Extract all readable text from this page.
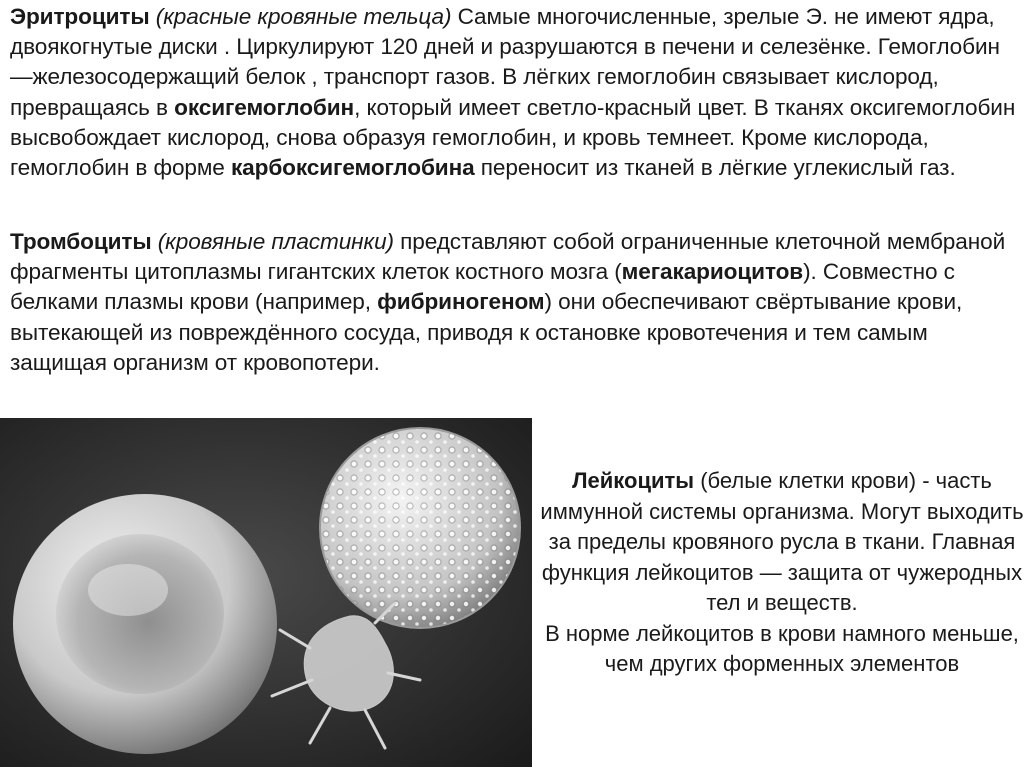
Эритроциты (красные кровяные тельца) Самые многочисленные, зрелые Э. не имеют ядра, двоякогнутые диски . Циркулируют 120 дней и разрушаются в печени и селезёнке. Гемоглобин —железосодержащий белок , транспорт газов. В лёгких гемоглобин связывает кислород, превращаясь в оксигемоглобин, который имеет светло-красный цвет. В тканях оксигемоглобин высвобождает кислород, снова образуя гемоглобин, и кровь темнеет. Кроме кислорода, гемоглобин в форме карбоксигемоглобина переносит из тканей в лёгкие углекислый газ.

Тромбоциты (кровяные пластинки) представляют собой ограниченные клеточной мембраной фрагменты цитоплазмы гигантских клеток костного мозга (мегакариоцитов). Совместно с белками плазмы крови (например, фибриногеном) они обеспечивают свёртывание крови, вытекающей из повреждённого сосуда, приводя к остановке кровотечения и тем самым защищая организм от кровопотери.

Лейкоциты (белые клетки крови) - часть иммунной системы организма. Могут выходить за пределы кровяного русла в ткани. Главная функция лейкоцитов — защита от чужеродных тел и веществ.
В норме лейкоцитов в крови намного меньше, чем других форменных элементов
